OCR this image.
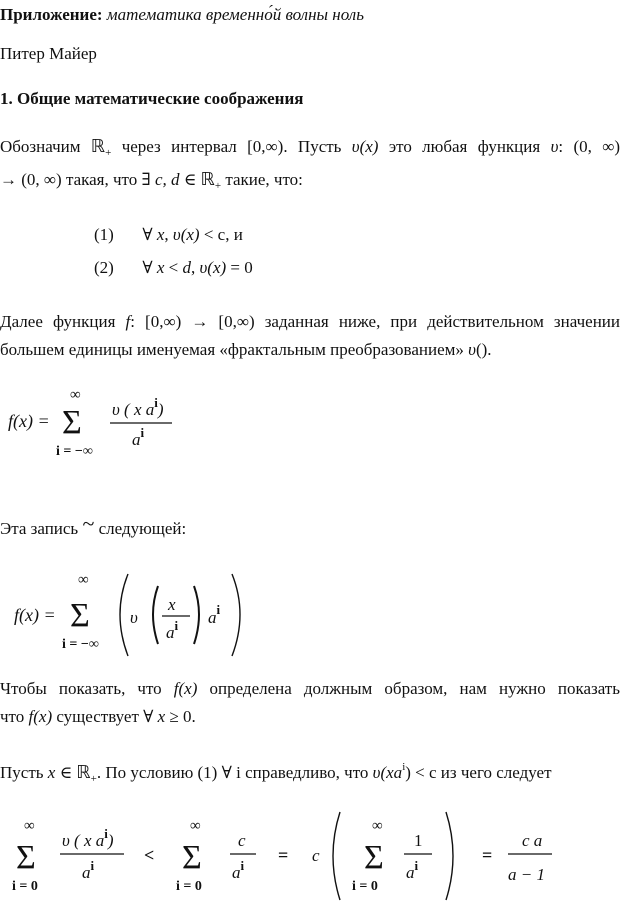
Приложение: математика временно́й волны ноль
Питер Майер
1. Общие математические соображения
Обозначим ℝ$_+$ через интервал [0,∞). Пусть υ(x) это любая функция υ: (0, ∞)
→ (0, ∞) такая, что ∃ c, d ∈ ℝ$_+$ такие, что:
(1) ∀ x, υ(x) < c, и
(2) ∀ x < d, υ(x) = 0
Далее функция f: [0,∞) → [0,∞) заданная ниже, при действительном значении
большем единицы именуемая «фрактальным преобразованием» υ().
f(x) =
∞
Σ
i = −∞
υ ( x $a^i$)
$a^i$
Эта запись ~ следующей:
f(x) =
∞
Σ
i = −∞
υ
x
$a^i$ $a^i$
Чтобы показать, что f(x) определена должным образом, нам нужно показать
что f(x) существует ∀ x ≥ 0.
Пусть x ∈ ℝ$_+$. По условию (1) ∀ i справедливо, что $\upsilon(xa^i) < c$ из чего следует
∞
Σ
i = 0
υ ( x $a^i$)
$a^i$
<
∞
Σ
i = 0
c
$a^i$
= c
∞
Σ
i = 0
1
$a^i$
=
c a
a − 1
